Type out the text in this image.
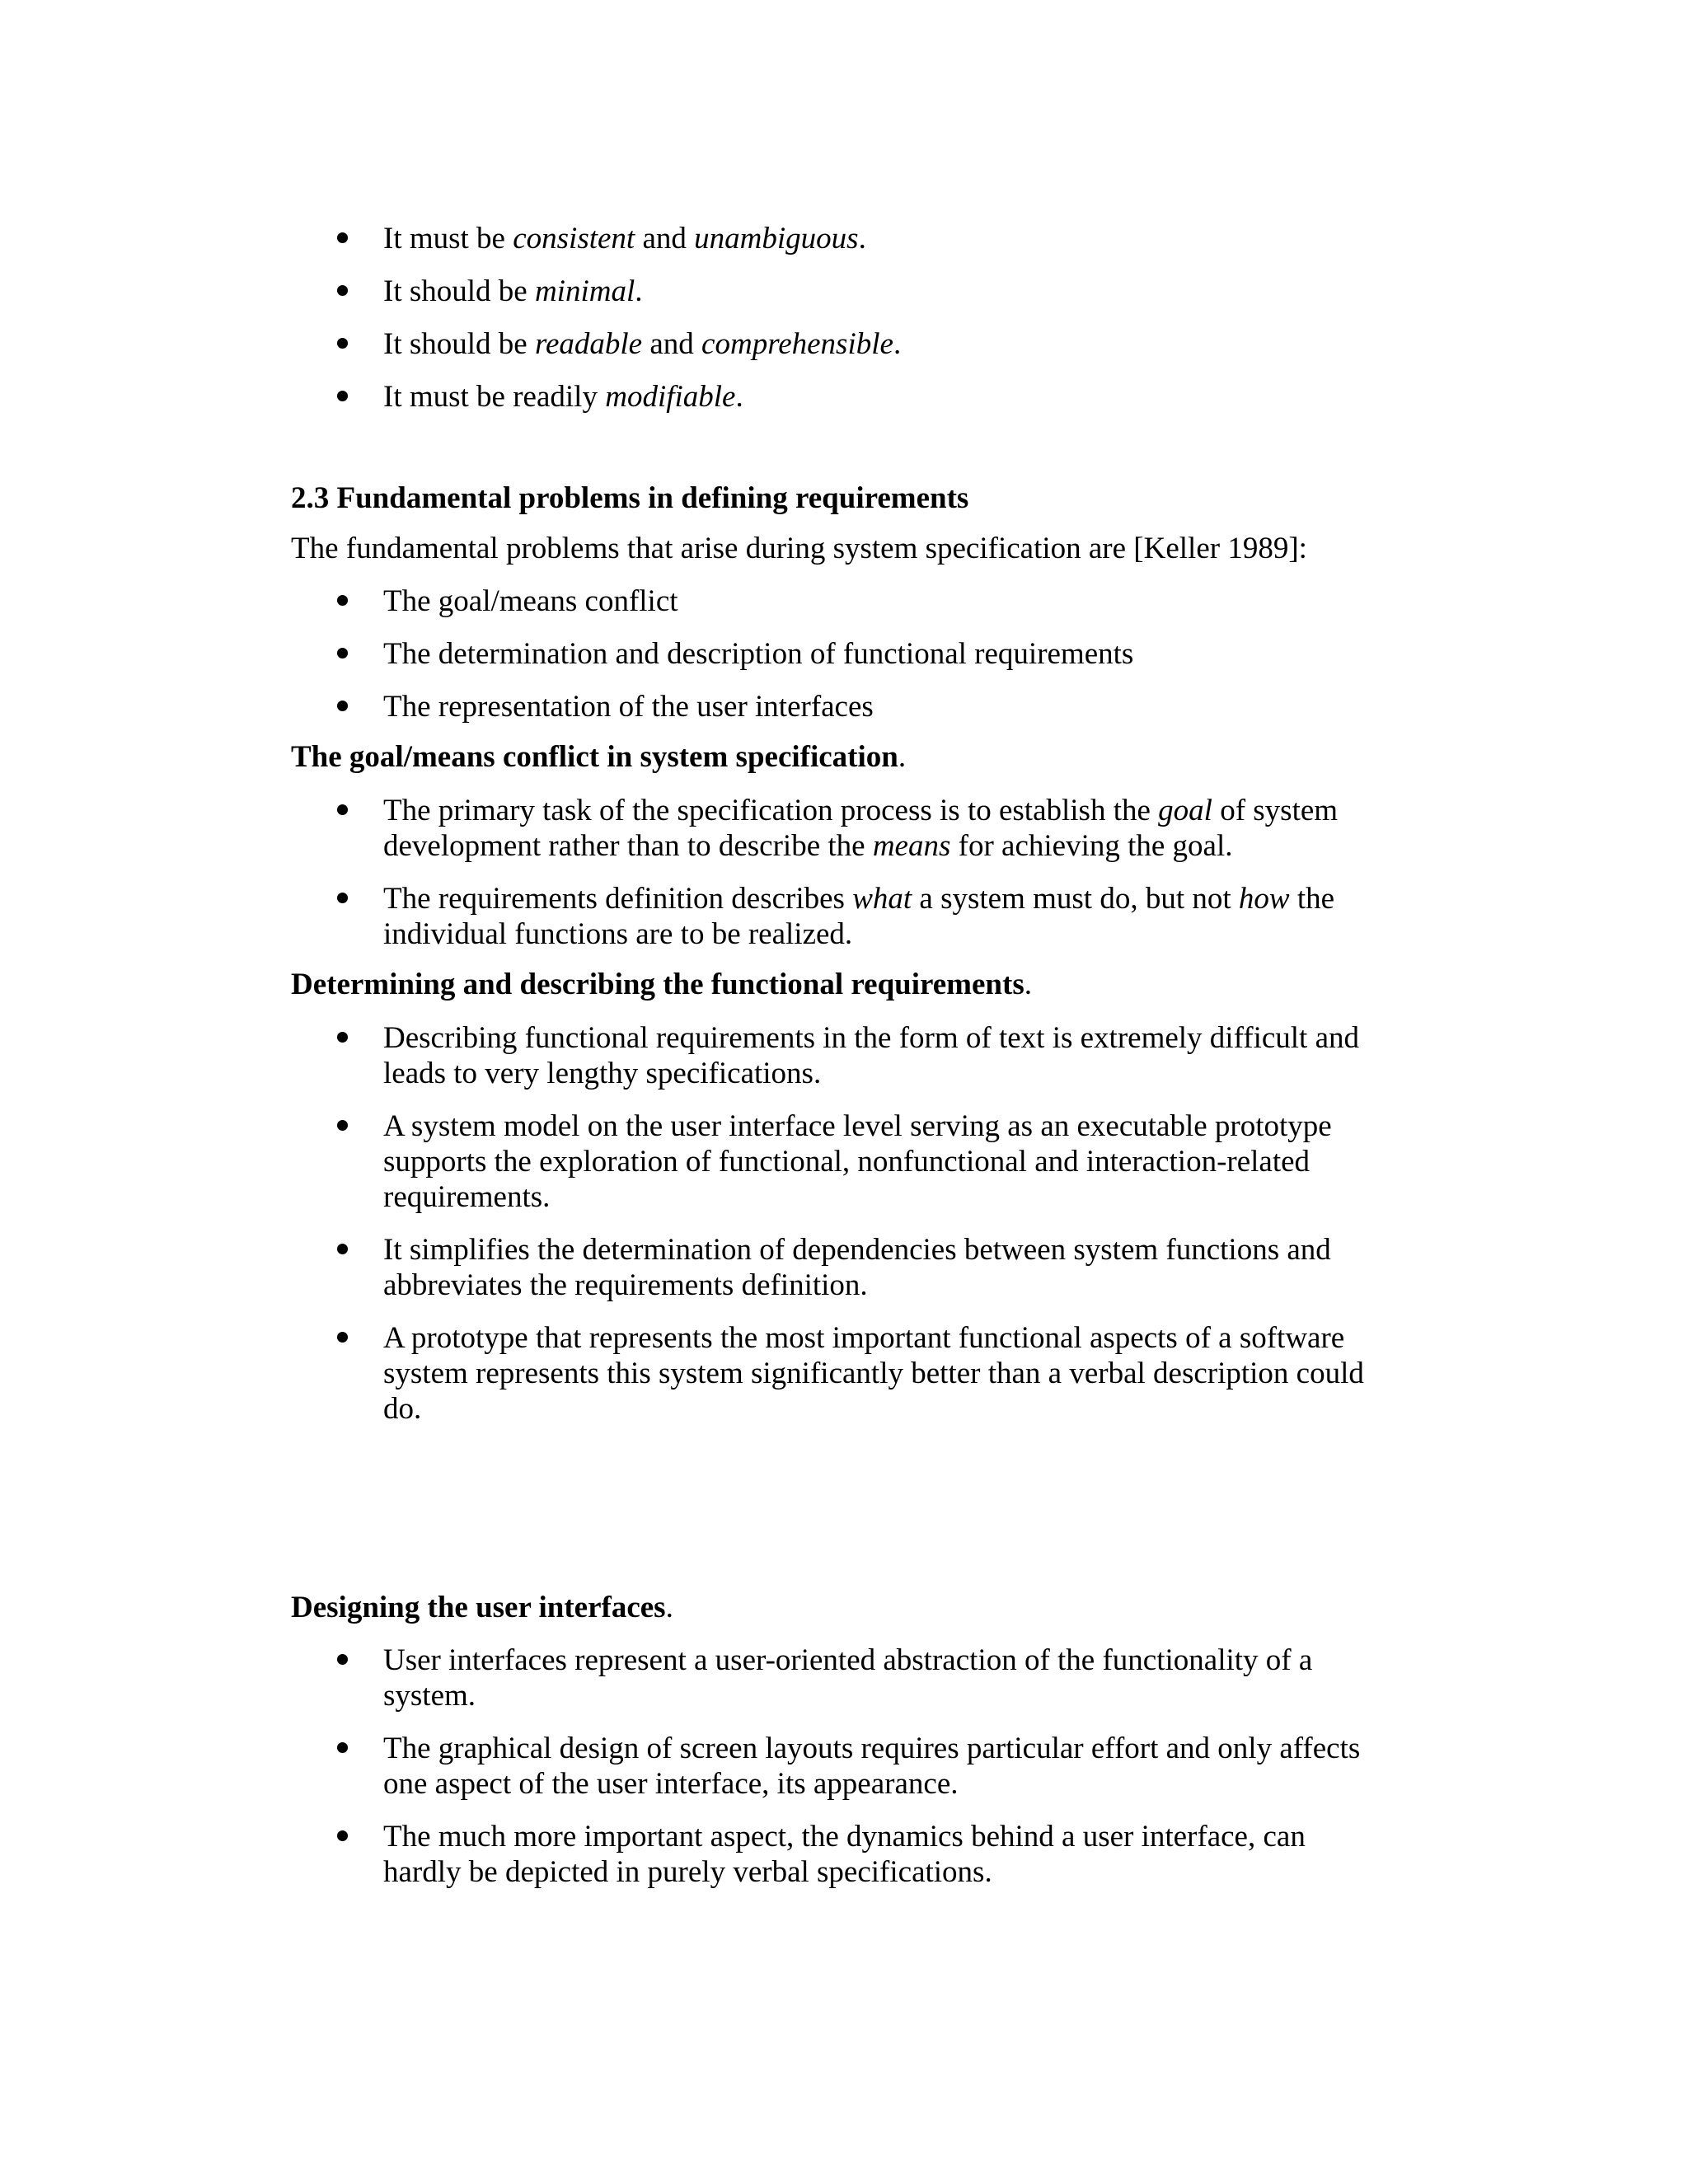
It must be consistent and unambiguous.

It should be minimal.

It should be readable and comprehensible.

It must be readily modifiable.

2.3 Fundamental problems in defining requirements

The fundamental problems that arise during system specification are [Keller 1989]:

The goal/means conflict

The determination and description of functional requirements

The representation of the user interfaces

The goal/means conflict in system specification.

The primary task of the specification process is to establish the goal of system
development rather than to describe the means for achieving the goal.

The requirements definition describes what a system must do, but not how the
individual functions are to be realized.

Determining and describing the functional requirements.

Describing functional requirements in the form of text is extremely difficult and
leads to very lengthy specifications.

A system model on the user interface level serving as an executable prototype
supports the exploration of functional, nonfunctional and interaction-related
requirements.

It simplifies the determination of dependencies between system functions and
abbreviates the requirements definition.

A prototype that represents the most important functional aspects of a software
system represents this system significantly better than a verbal description could
do.

Designing the user interfaces.

User interfaces represent a user-oriented abstraction of the functionality of a
system.

The graphical design of screen layouts requires particular effort and only affects
one aspect of the user interface, its appearance.

The much more important aspect, the dynamics behind a user interface, can
hardly be depicted in purely verbal specifications.
